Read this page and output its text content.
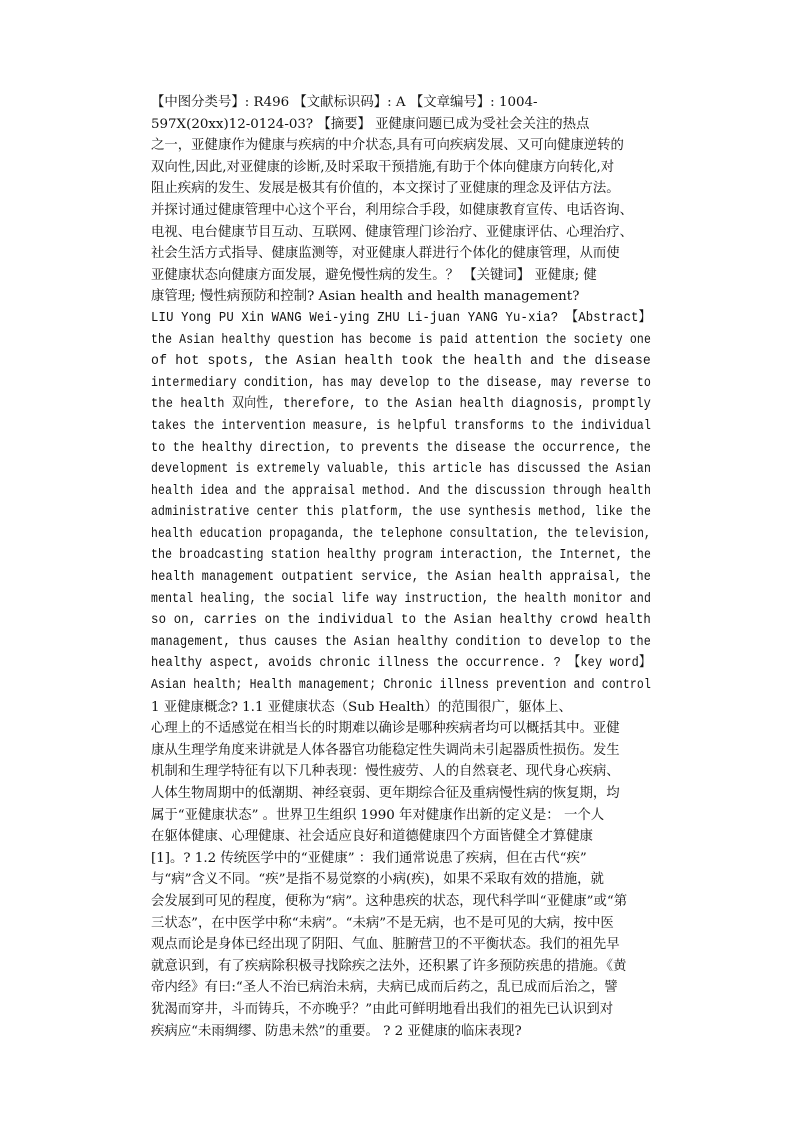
【中图分类号】: R496 【文献标识码】: A 【文章编号】: 1004-
597X(20xx)12-0124-03? 【摘要】 亚健康问题已成为受社会关注的热点
之一，亚健康作为健康与疾病的中介状态,具有可向疾病发展、又可向健康逆转的
双向性,因此,对亚健康的诊断,及时采取干预措施,有助于个体向健康方向转化,对
阻止疾病的发生、发展是极其有价值的，本文探讨了亚健康的理念及评估方法。
并探讨通过健康管理中心这个平台，利用综合手段，如健康教育宣传、电话咨询、
电视、电台健康节目互动、互联网、健康管理门诊治疗、亚健康评估、心理治疗、
社会生活方式指导、健康监测等，对亚健康人群进行个体化的健康管理，从而使
亚健康状态向健康方面发展，避免慢性病的发生。？ 【关键词】 亚健康; 健
康管理; 慢性病预防和控制? Asian health and health management?
LIU Yong PU Xin WANG Wei-ying ZHU Li-juan YANG Yu-xia? 【Abstract】
the Asian healthy question has become is paid attention the society one
of hot spots, the Asian health took the health and the disease
intermediary condition, has may develop to the disease, may reverse to
the health 双向性, therefore, to the Asian health diagnosis, promptly
takes the intervention measure, is helpful transforms to the individual
to the healthy direction, to prevents the disease the occurrence, the
development is extremely valuable, this article has discussed the Asian
health idea and the appraisal method. And the discussion through health
administrative center this platform, the use synthesis method, like the
health education propaganda, the telephone consultation, the television,
the broadcasting station healthy program interaction, the Internet, the
health management outpatient service, the Asian health appraisal, the
mental healing, the social life way instruction, the health monitor and
so on, carries on the individual to the Asian healthy crowd health
management, thus causes the Asian healthy condition to develop to the
healthy aspect, avoids chronic illness the occurrence. ? 【key word】
Asian health; Health management; Chronic illness prevention and control
1 亚健康概念? 1.1 亚健康状态（Sub Health）的范围很广，躯体上、
心理上的不适感觉在相当长的时期难以确诊是哪种疾病者均可以概括其中。亚健
康从生理学角度来讲就是人体各器官功能稳定性失调尚未引起器质性损伤。发生
机制和生理学特征有以下几种表现：慢性疲劳、人的自然衰老、现代身心疾病、
人体生物周期中的低潮期、神经衰弱、更年期综合征及重病慢性病的恢复期，均
属于“亚健康状态” 。世界卫生组织 1990 年对健康作出新的定义是： 一个人
在躯体健康、心理健康、社会适应良好和道德健康四个方面皆健全才算健康
[1]。? 1.2 传统医学中的“亚健康” ：我们通常说患了疾病，但在古代“疾”
与“病”含义不同。“疾”是指不易觉察的小病(疾)，如果不采取有效的措施，就
会发展到可见的程度，便称为“病”。这种患疾的状态，现代科学叫“亚健康”或“第
三状态”，在中医学中称“未病”。“未病”不是无病，也不是可见的大病，按中医
观点而论是身体已经出现了阴阳、气血、脏腑营卫的不平衡状态。我们的祖先早
就意识到，有了疾病除积极寻找除疾之法外，还积累了许多预防疾患的措施。《黄
帝内经》有曰:“圣人不治已病治未病，夫病已成而后药之，乱已成而后治之，譬
犹渴而穿井，斗而铸兵，不亦晚乎？”由此可鲜明地看出我们的祖先已认识到对
疾病应“未雨绸缪、防患未然”的重要。 ? 2 亚健康的临床表现?
